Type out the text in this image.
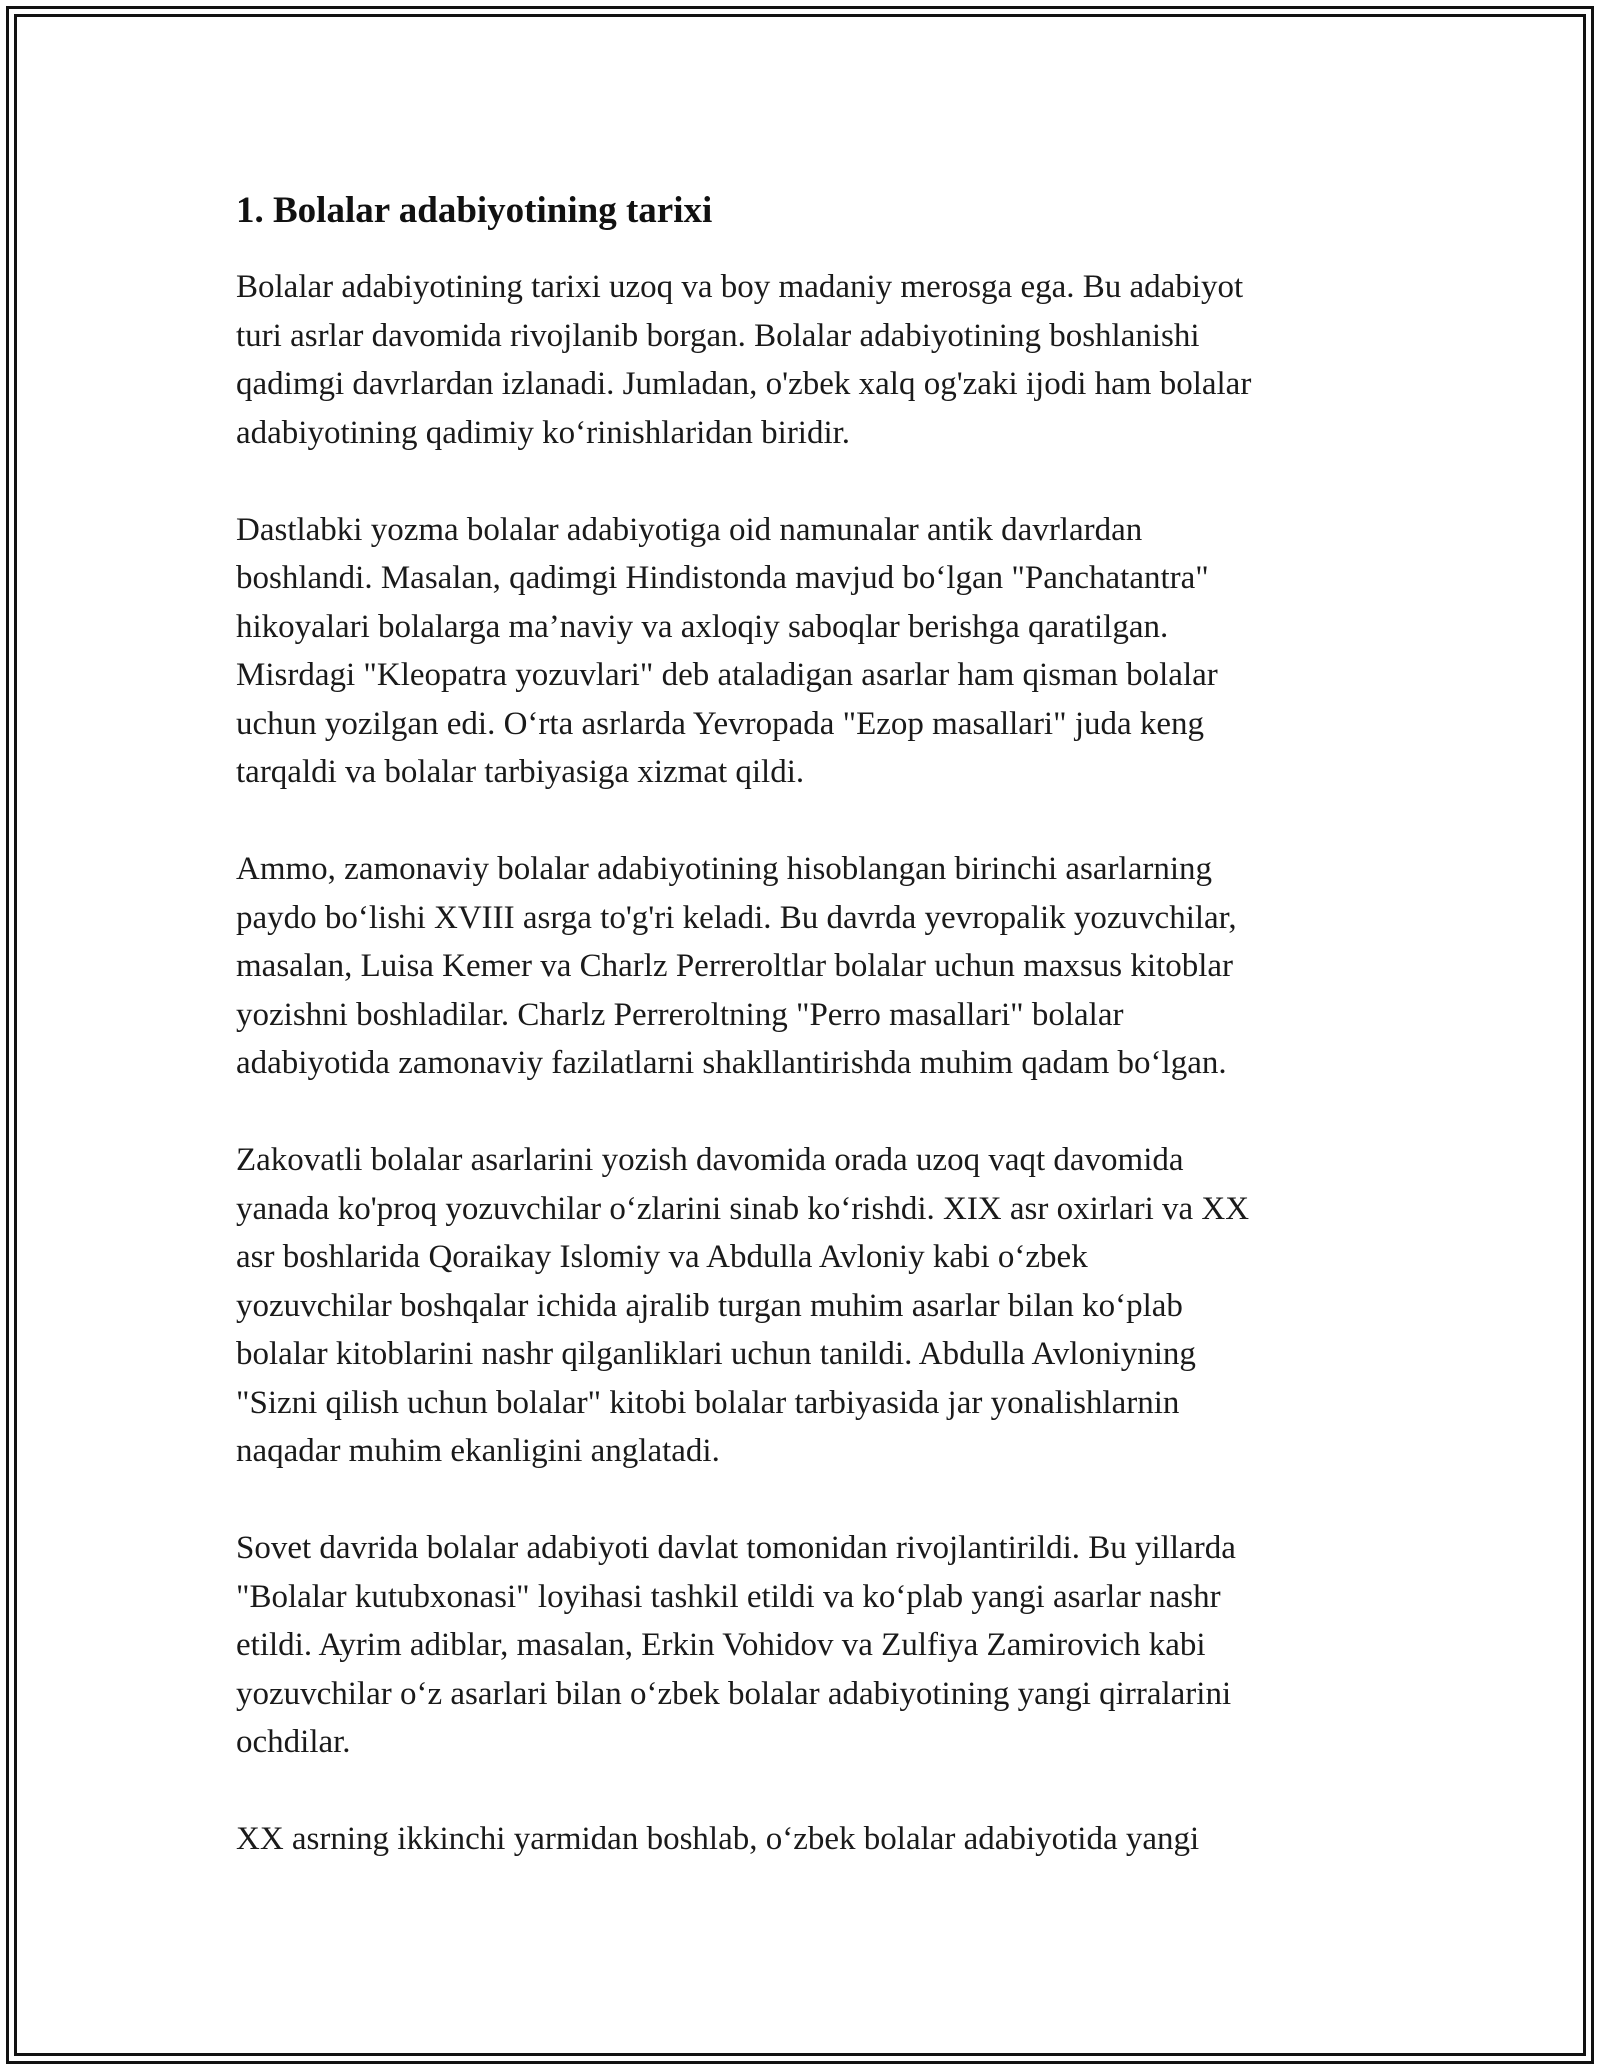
1. Bolalar adabiyotining tarixi

Bolalar adabiyotining tarixi uzoq va boy madaniy merosga ega. Bu adabiyot
turi asrlar davomida rivojlanib borgan. Bolalar adabiyotining boshlanishi
qadimgi davrlardan izlanadi. Jumladan, o'zbek xalq og'zaki ijodi ham bolalar
adabiyotining qadimiy ko‘rinishlaridan biridir.

Dastlabki yozma bolalar adabiyotiga oid namunalar antik davrlardan
boshlandi. Masalan, qadimgi Hindistonda mavjud bo‘lgan "Panchatantra"
hikoyalari bolalarga ma’naviy va axloqiy saboqlar berishga qaratilgan.
Misrdagi "Kleopatra yozuvlari" deb ataladigan asarlar ham qisman bolalar
uchun yozilgan edi. O‘rta asrlarda Yevropada "Ezop masallari" juda keng
tarqaldi va bolalar tarbiyasiga xizmat qildi.

Ammo, zamonaviy bolalar adabiyotining hisoblangan birinchi asarlarning
paydo bo‘lishi XVIII asrga to'g'ri keladi. Bu davrda yevropalik yozuvchilar,
masalan, Luisa Kemer va Charlz Perreroltlar bolalar uchun maxsus kitoblar
yozishni boshladilar. Charlz Perreroltning "Perro masallari" bolalar
adabiyotida zamonaviy fazilatlarni shakllantirishda muhim qadam bo‘lgan.

Zakovatli bolalar asarlarini yozish davomida orada uzoq vaqt davomida
yanada ko'proq yozuvchilar o‘zlarini sinab ko‘rishdi. XIX asr oxirlari va XX
asr boshlarida Qoraikay Islomiy va Abdulla Avloniy kabi o‘zbek
yozuvchilar boshqalar ichida ajralib turgan muhim asarlar bilan ko‘plab
bolalar kitoblarini nashr qilganliklari uchun tanildi. Abdulla Avloniyning
"Sizni qilish uchun bolalar" kitobi bolalar tarbiyasida jar yonalishlarnin
naqadar muhim ekanligini anglatadi.

Sovet davrida bolalar adabiyoti davlat tomonidan rivojlantirildi. Bu yillarda
"Bolalar kutubxonasi" loyihasi tashkil etildi va ko‘plab yangi asarlar nashr
etildi. Ayrim adiblar, masalan, Erkin Vohidov va Zulfiya Zamirovich kabi
yozuvchilar o‘z asarlari bilan o‘zbek bolalar adabiyotining yangi qirralarini
ochdilar.

XX asrning ikkinchi yarmidan boshlab, o‘zbek bolalar adabiyotida yangi
